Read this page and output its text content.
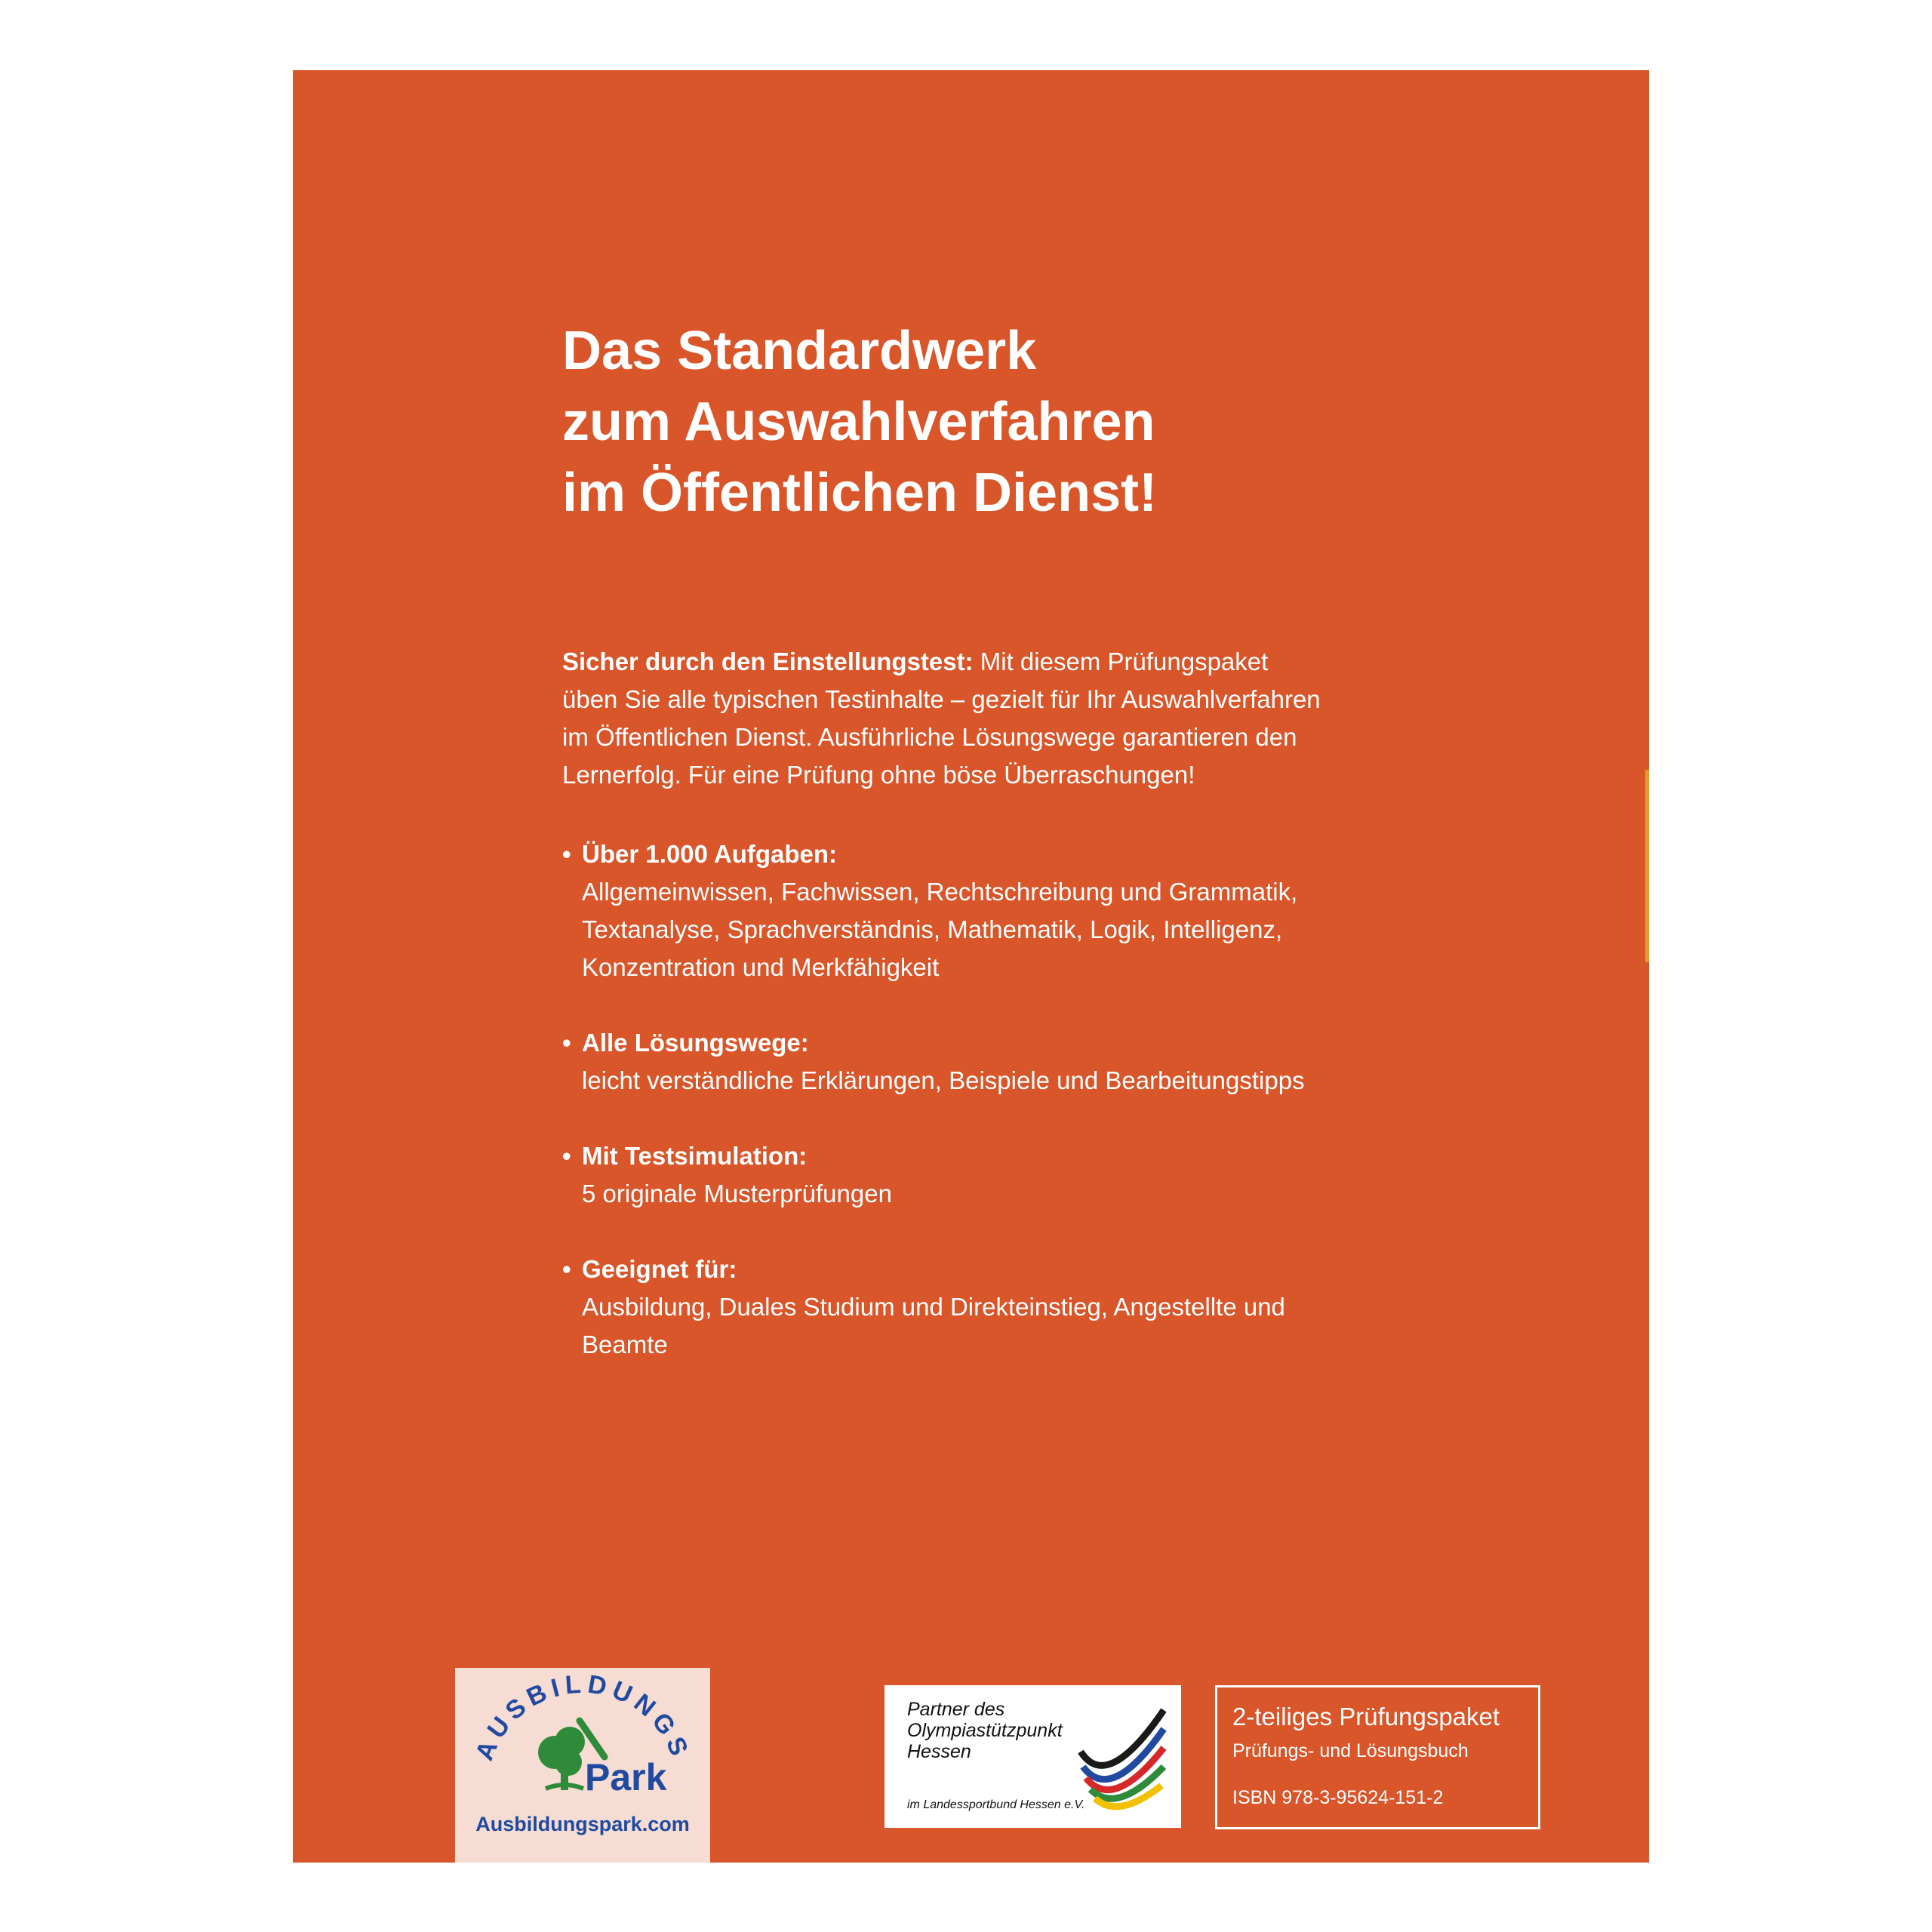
Das Standardwerk
zum Auswahlverfahren
im Öffentlichen Dienst!

Sicher durch den Einstellungstest: Mit diesem Prüfungspaket üben Sie alle typischen Testinhalte – gezielt für Ihr Auswahlverfahren im Öffentlichen Dienst. Ausführliche Lösungswege garantieren den Lernerfolg. Für eine Prüfung ohne böse Überraschungen!

• Über 1.000 Aufgaben:
Allgemeinwissen, Fachwissen, Rechtschreibung und Grammatik, Textanalyse, Sprachverständnis, Mathematik, Logik, Intelligenz, Konzentration und Merkfähigkeit
• Alle Lösungswege:
leicht verständliche Erklärungen, Beispiele und Bearbeitungstipps
• Mit Testsimulation:
5 originale Musterprüfungen
• Geeignet für:
Ausbildung, Duales Studium und Direkteinstieg, Angestellte und Beamte
AUSBILDUNGS
Park
Ausbildungspark.com

Partner des
Olympiastützpunkt
Hessen

im Landessportbund Hessen e.V.
2-teiliges Prüfungspaket
Prüfungs- und Lösungsbuch
ISBN 978-3-95624-151-2
